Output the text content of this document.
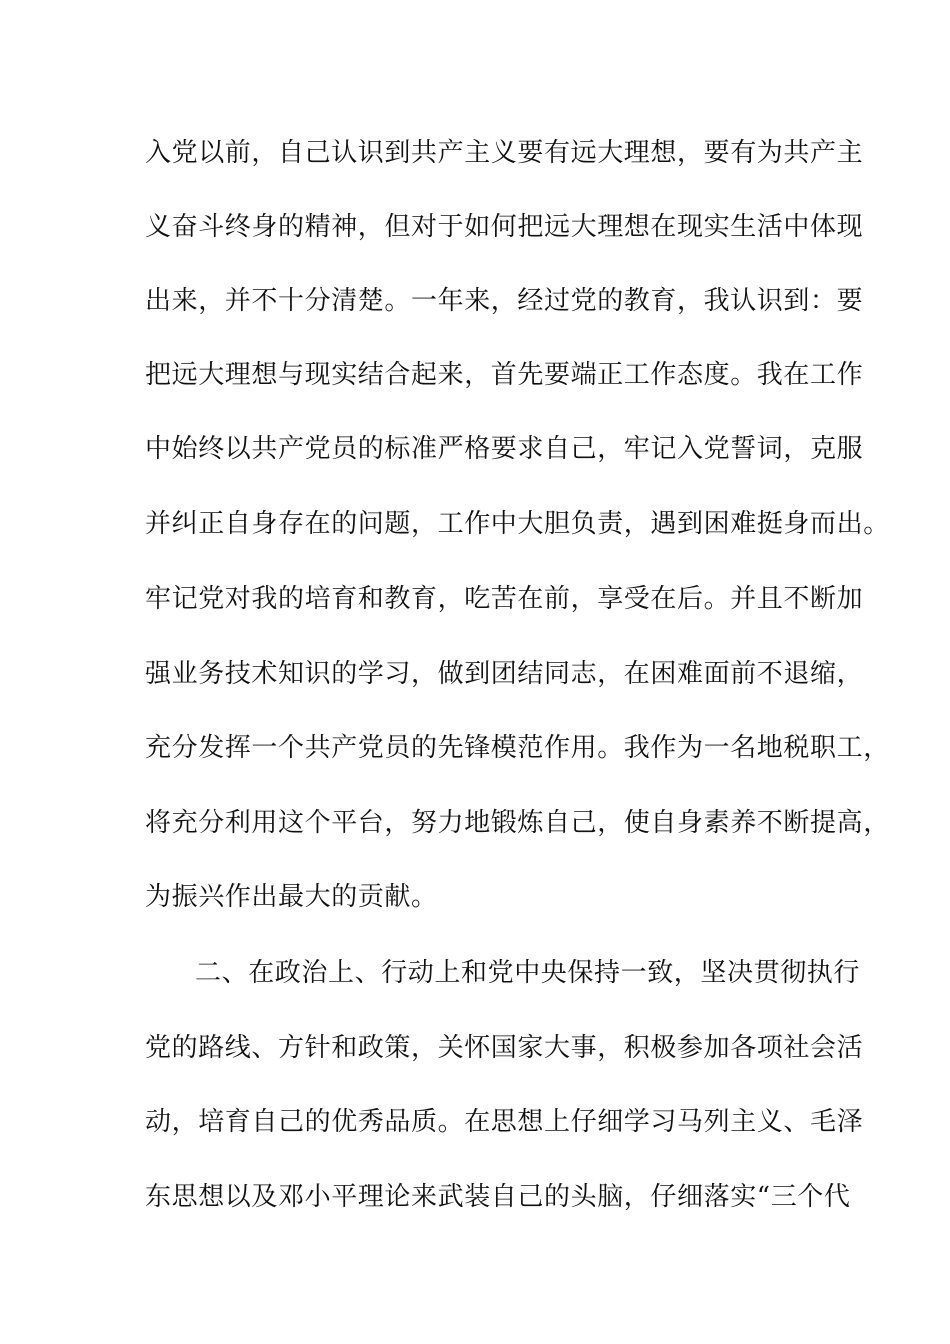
入党以前，自己认识到共产主义要有远大理想，要有为共产主
义奋斗终身的精神，但对于如何把远大理想在现实生活中体现
出来，并不十分清楚。一年来，经过党的教育，我认识到：要
把远大理想与现实结合起来，首先要端正工作态度。我在工作
中始终以共产党员的标准严格要求自己，牢记入党誓词，克服
并纠正自身存在的问题，工作中大胆负责，遇到困难挺身而出。
牢记党对我的培育和教育，吃苦在前，享受在后。并且不断加
强业务技术知识的学习，做到团结同志，在困难面前不退缩，
充分发挥一个共产党员的先锋模范作用。我作为一名地税职工，
将充分利用这个平台，努力地锻炼自己，使自身素养不断提高，
为振兴作出最大的贡献。
二、在政治上、行动上和党中央保持一致，坚决贯彻执行
党的路线、方针和政策，关怀国家大事，积极参加各项社会活
动，培育自己的优秀品质。在思想上仔细学习马列主义、毛泽
东思想以及邓小平理论来武装自己的头脑，仔细落实“三个代
